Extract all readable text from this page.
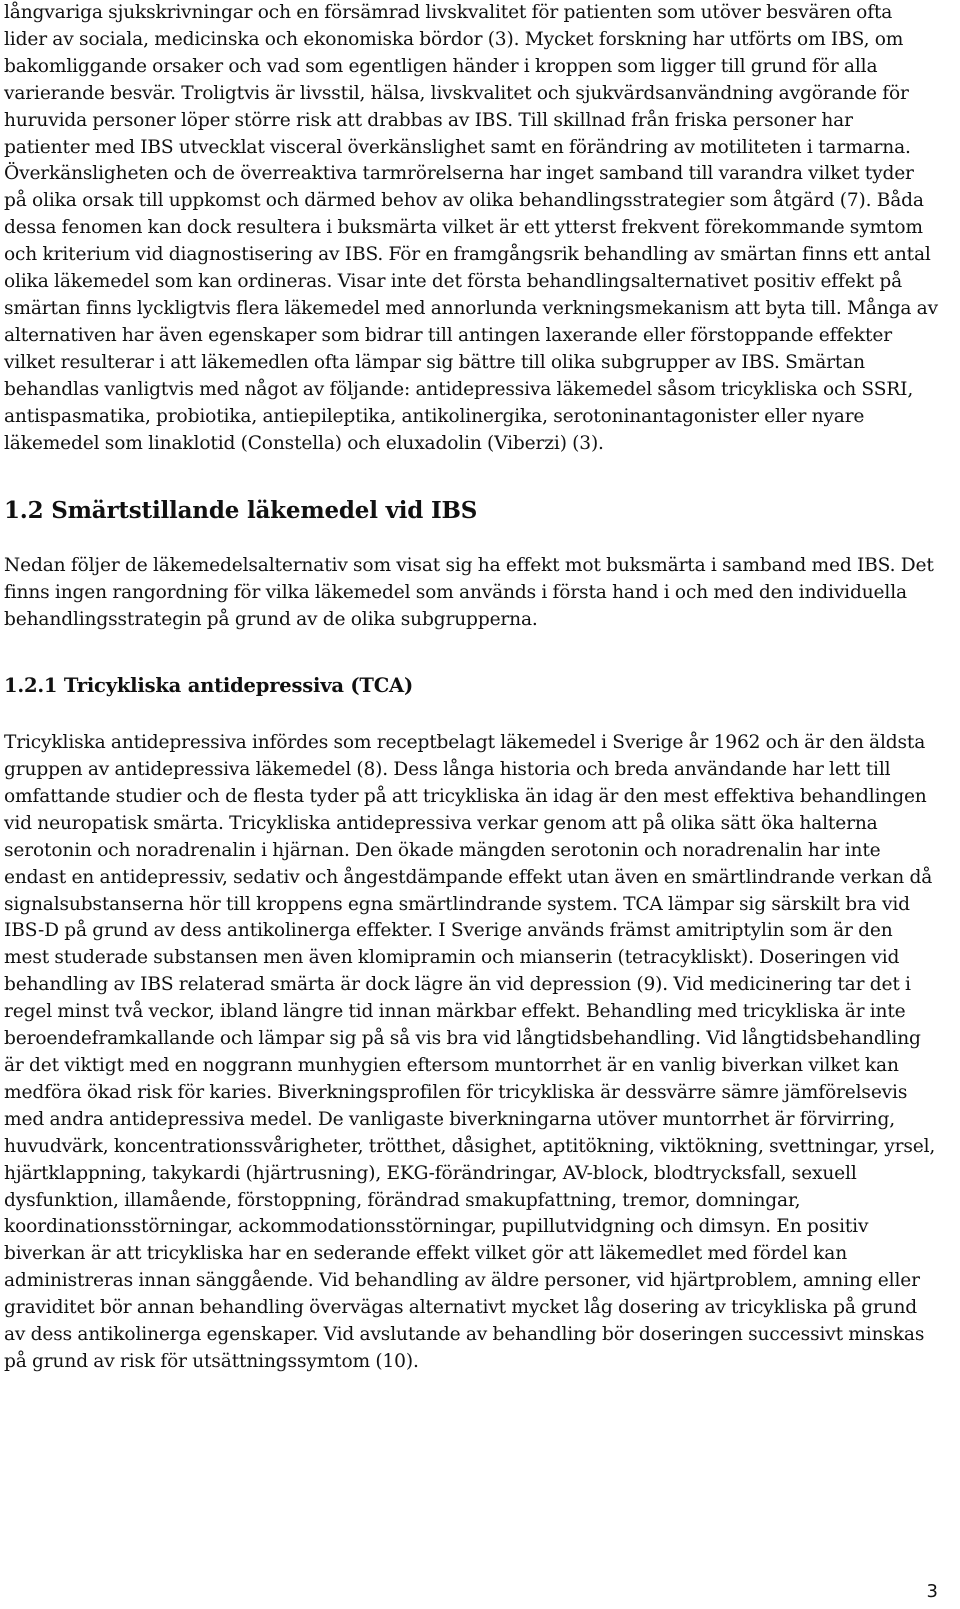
långvariga sjukskrivningar och en försämrad livskvalitet för patienten som utöver besvären ofta lider av sociala, medicinska och ekonomiska bördor (3). Mycket forskning har utförts om IBS, om bakomliggande orsaker och vad som egentligen händer i kroppen som ligger till grund för alla varierande besvär. Troligtvis är livsstil, hälsa, livskvalitet och sjukvärdsanvändning avgörande för huruvida personer löper större risk att drabbas av IBS. Till skillnad från friska personer har patienter med IBS utvecklat visceral överkänslighet samt en förändring av motiliteten i tarmarna. Överkänsligheten och de överreaktiva tarmrörelserna har inget samband till varandra vilket tyder på olika orsak till uppkomst och därmed behov av olika behandlingsstrategier som åtgärd (7). Båda dessa fenomen kan dock resultera i buksmärta vilket är ett ytterst frekvent förekommande symtom och kriterium vid diagnostisering av IBS. För en framgångsrik behandling av smärtan finns ett antal olika läkemedel som kan ordineras. Visar inte det första behandlingsalternativet positiv effekt på smärtan finns lyckligtvis flera läkemedel med annorlunda verkningsmekanism att byta till. Många av alternativen har även egenskaper som bidrar till antingen laxerande eller förstoppande effekter vilket resulterar i att läkemedlen ofta lämpar sig bättre till olika subgrupper av IBS. Smärtan behandlas vanligtvis med något av följande: antidepressiva läkemedel såsom tricykliska och SSRI, antispasmatika, probiotika, antiepileptika, antikolinergika, serotoninantagonister eller nyare läkemedel som linaklotid (Constella) och eluxadolin (Viberzi) (3).

1.2 Smärtstillande läkemedel vid IBS

Nedan följer de läkemedelsalternativ som visat sig ha effekt mot buksmärta i samband med IBS. Det finns ingen rangordning för vilka läkemedel som används i första hand i och med den individuella behandlingsstrategin på grund av de olika subgrupperna.

1.2.1 Tricykliska antidepressiva (TCA)

Tricykliska antidepressiva infördes som receptbelagt läkemedel i Sverige år 1962 och är den äldsta gruppen av antidepressiva läkemedel (8). Dess långa historia och breda användande har lett till omfattande studier och de flesta tyder på att tricykliska än idag är den mest effektiva behandlingen vid neuropatisk smärta. Tricykliska antidepressiva verkar genom att på olika sätt öka halterna serotonin och noradrenalin i hjärnan. Den ökade mängden serotonin och noradrenalin har inte endast en antidepressiv, sedativ och ångestdämpande effekt utan även en smärtlindrande verkan då signalsubstanserna hör till kroppens egna smärtlindrande system. TCA lämpar sig särskilt bra vid IBS-D på grund av dess antikolinerga effekter. I Sverige används främst amitriptylin som är den mest studerade substansen men även klomipramin och mianserin (tetracykliskt). Doseringen vid behandling av IBS relaterad smärta är dock lägre än vid depression (9). Vid medicinering tar det i regel minst två veckor, ibland längre tid innan märkbar effekt. Behandling med tricykliska är inte beroendeframkallande och lämpar sig på så vis bra vid långtidsbehandling. Vid långtidsbehandling är det viktigt med en noggrann munhygien eftersom muntorrhet är en vanlig biverkan vilket kan medföra ökad risk för karies. Biverkningsprofilen för tricykliska är dessvärre sämre jämförelsevis med andra antidepressiva medel. De vanligaste biverkningarna utöver muntorrhet är förvirring, huvudvärk, koncentrationssvårigheter, trötthet, dåsighet, aptitökning, viktökning, svettningar, yrsel, hjärtklappning, takykardi (hjärtrusning), EKG-förändringar, AV-block, blodtrycksfall, sexuell dysfunktion, illamående, förstoppning, förändrad smakupfattning, tremor, domningar, koordinationsstörningar, ackommodationsstörningar, pupillutvidgning och dimsyn. En positiv biverkan är att tricykliska har en sederande effekt vilket gör att läkemedlet med fördel kan administreras innan sänggående. Vid behandling av äldre personer, vid hjärtproblem, amning eller graviditet bör annan behandling övervägas alternativt mycket låg dosering av tricykliska på grund av dess antikolinerga egenskaper. Vid avslutande av behandling bör doseringen successivt minskas på grund av risk för utsättningssymtom (10).

3
